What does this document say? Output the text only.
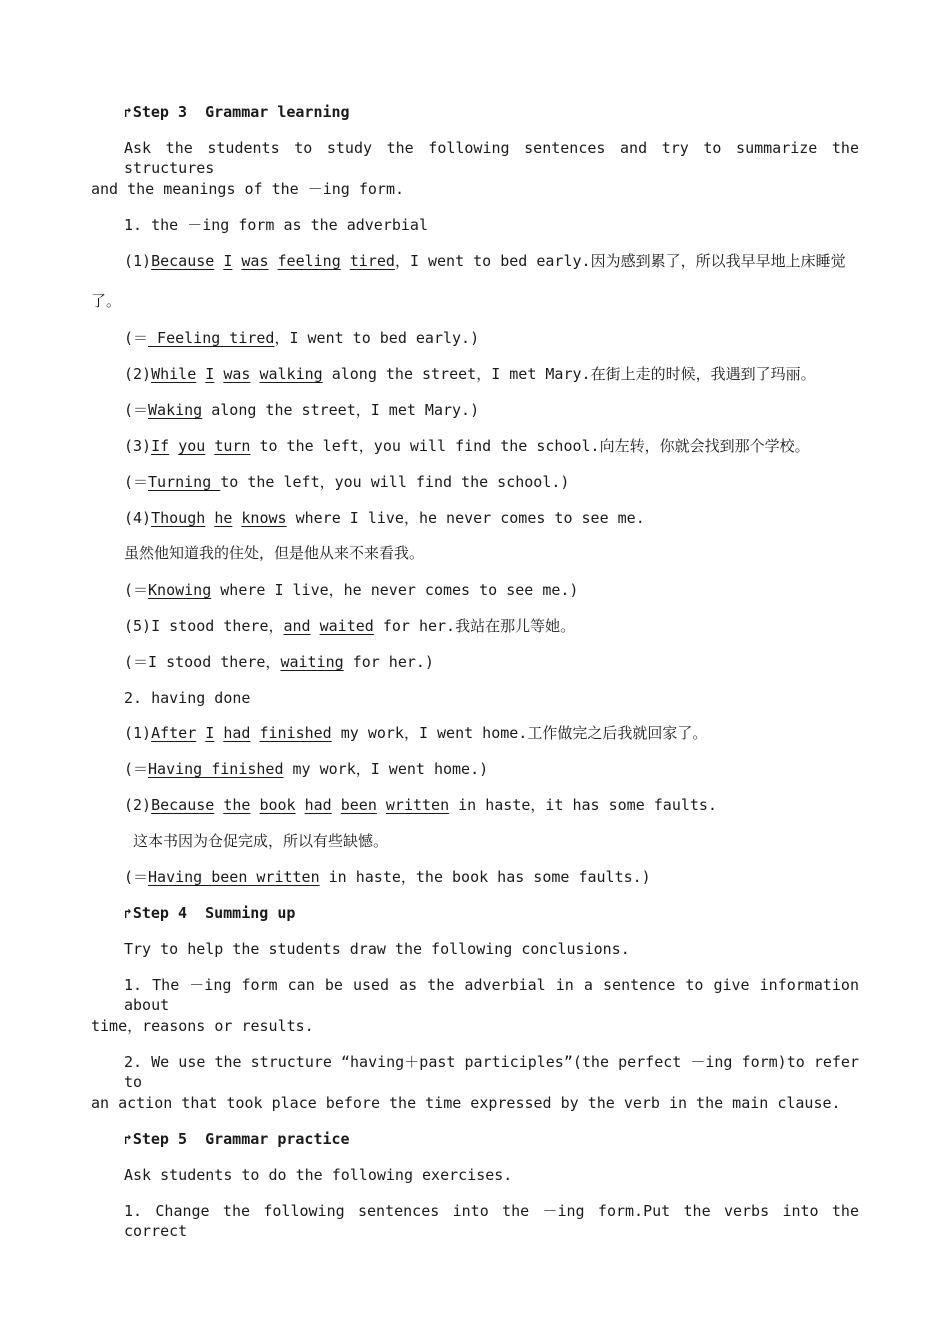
↱Step 3  Grammar learning
Ask the students to study the following sentences and try to summarize the structures
and the meanings of the －ing form.
1. the －ing form as the adverbial
(1)Because I was feeling tired，I went to bed early.因为感到累了，所以我早早地上床睡觉
了。
(＝ Feeling tired，I went to bed early.)
(2)While I was walking along the street，I met Mary.在街上走的时候，我遇到了玛丽。
(＝Waking along the street，I met Mary.)
(3)If you turn to the left，you will find the school.向左转，你就会找到那个学校。
(＝Turning to the left，you will find the school.)
(4)Though he knows where I live，he never comes to see me.
虽然他知道我的住处，但是他从来不来看我。
(＝Knowing where I live，he never comes to see me.)
(5)I stood there，and waited for her.我站在那儿等她。
(＝I stood there，waiting for her.)
2. having done
(1)After I had finished my work，I went home.工作做完之后我就回家了。
(＝Having finished my work，I went home.)
(2)Because the book had been written in haste，it has some faults.
这本书因为仓促完成，所以有些缺憾。
(＝Having been written in haste，the book has some faults.)
↱Step 4  Summing up
Try to help the students draw the following conclusions.
1. The －ing form can be used as the adverbial in a sentence to give information about
time，reasons or results.
2. We use the structure “having＋past participles”(the perfect －ing form)to refer to
an action that took place before the time expressed by the verb in the main clause.
↱Step 5  Grammar practice
Ask students to do the following exercises.
1. Change the following sentences into the －ing form.Put the verbs into the correct
